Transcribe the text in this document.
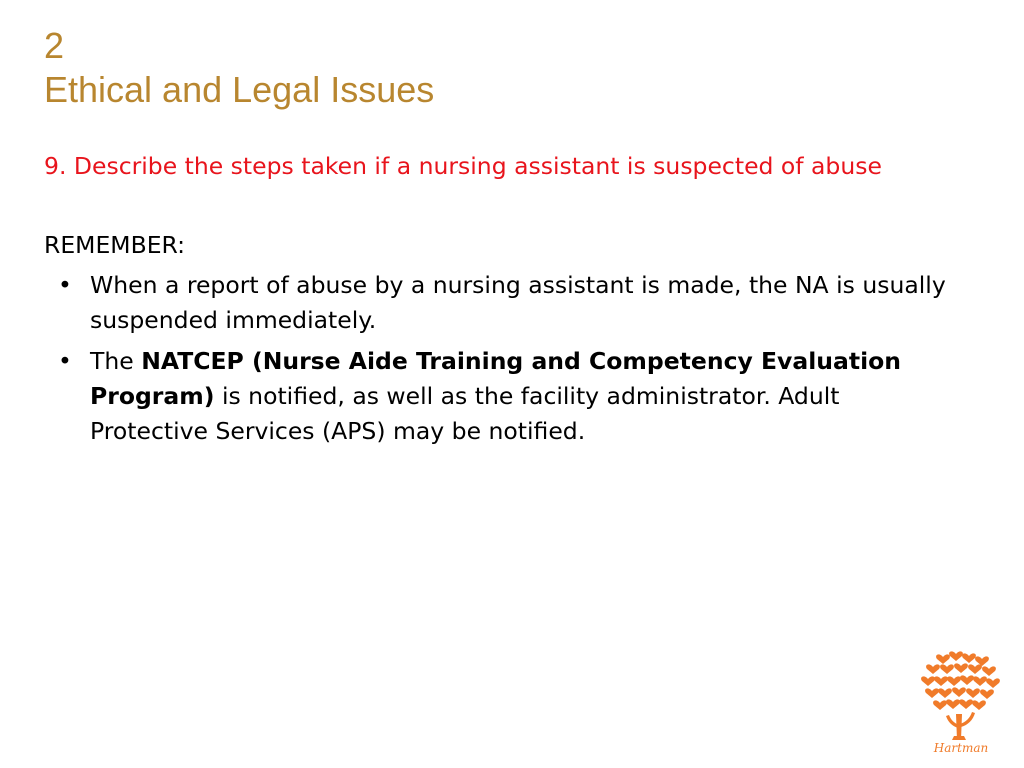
2
Ethical and Legal Issues
9. Describe the steps taken if a nursing assistant is suspected of abuse
REMEMBER:
• When a report of abuse by a nursing assistant is made, the NA is usually suspended immediately.
• The NATCEP (Nurse Aide Training and Competency Evaluation Program) is notified, as well as the facility administrator. Adult Protective Services (APS) may be notified.
Hartman
